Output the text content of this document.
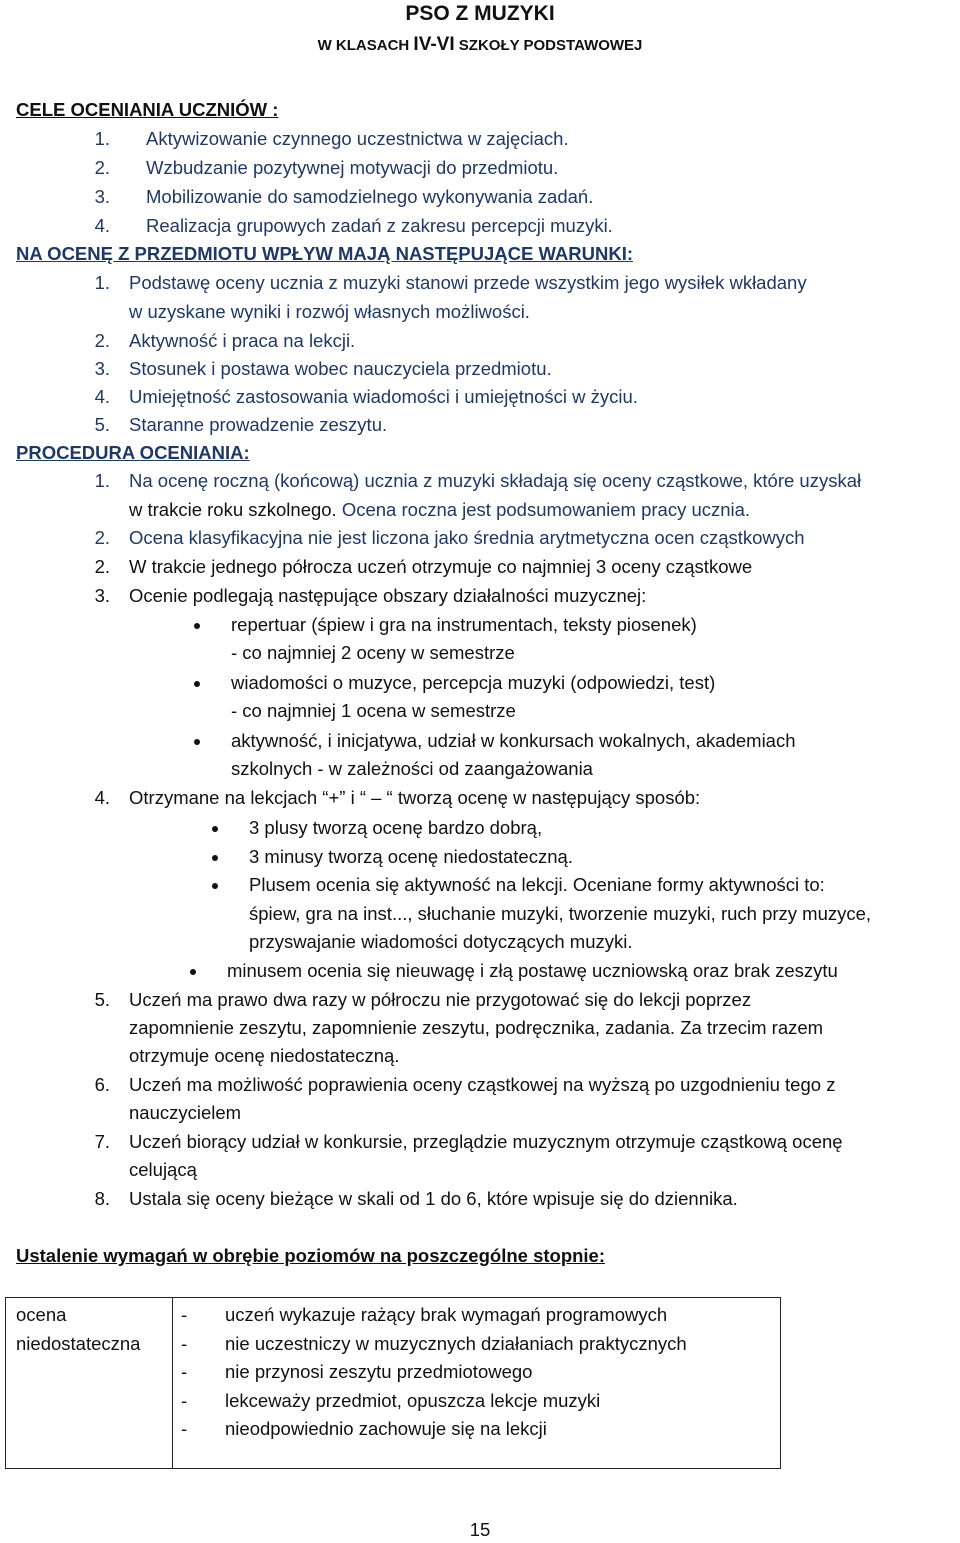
PSO Z MUZYKI
W KLASACH IV-VI SZKOŁY PODSTAWOWEJ
CELE OCENIANIA UCZNIÓW :
1. Aktywizowanie czynnego uczestnictwa w zajęciach.
2. Wzbudzanie pozytywnej motywacji do przedmiotu.
3. Mobilizowanie do samodzielnego wykonywania zadań.
4. Realizacja grupowych zadań z zakresu percepcji muzyki.
NA OCENĘ Z PRZEDMIOTU WPŁYW MAJĄ NASTĘPUJĄCE WARUNKI:
1. Podstawę oceny ucznia z muzyki stanowi przede wszystkim jego wysiłek wkładany
w uzyskane wyniki i rozwój własnych możliwości.
2. Aktywność i praca na lekcji.
3. Stosunek i postawa wobec nauczyciela przedmiotu.
4. Umiejętność zastosowania wiadomości i umiejętności w życiu.
5. Staranne prowadzenie zeszytu.
PROCEDURA OCENIANIA:
1. Na ocenę roczną (końcową) ucznia z muzyki składają się oceny cząstkowe, które uzyskał
w trakcie roku szkolnego. Ocena roczna jest podsumowaniem pracy ucznia.
2. Ocena klasyfikacyjna nie jest liczona jako średnia arytmetyczna ocen cząstkowych
2. W trakcie jednego półrocza uczeń otrzymuje co najmniej 3 oceny cząstkowe
3. Ocenie podlegają następujące obszary działalności muzycznej:
repertuar (śpiew i gra na instrumentach, teksty piosenek)
- co najmniej 2 oceny w semestrze
wiadomości o muzyce, percepcja muzyki (odpowiedzi, test)
- co najmniej 1 ocena w semestrze
aktywność, i inicjatywa, udział w konkursach wokalnych, akademiach
szkolnych - w zależności od zaangażowania
4. Otrzymane na lekcjach “+” i “ – “ tworzą ocenę w następujący sposób:
3 plusy tworzą ocenę bardzo dobrą,
3 minusy tworzą ocenę niedostateczną.
Plusem ocenia się aktywność na lekcji. Oceniane formy aktywności to:
śpiew, gra na inst..., słuchanie muzyki, tworzenie muzyki, ruch przy muzyce,
przyswajanie wiadomości dotyczących muzyki.
minusem ocenia się nieuwagę i złą postawę uczniowską oraz brak zeszytu
5. Uczeń ma prawo dwa razy w półroczu nie przygotować się do lekcji poprzez
zapomnienie zeszytu, zapomnienie zeszytu, podręcznika, zadania. Za trzecim razem
otrzymuje ocenę niedostateczną.
6. Uczeń ma możliwość poprawienia oceny cząstkowej na wyższą po uzgodnieniu tego z
nauczycielem
7. Uczeń biorący udział w konkursie, przeglądzie muzycznym otrzymuje cząstkową ocenę
celującą
8. Ustala się oceny bieżące w skali od 1 do 6, które wpisuje się do dziennika.
Ustalenie wymagań w obrębie poziomów na poszczególne stopnie:
ocena
niedostateczna

- uczeń wykazuje rażący brak wymagań programowych
- nie uczestniczy w muzycznych działaniach praktycznych
- nie przynosi zeszytu przedmiotowego
- lekceważy przedmiot, opuszcza lekcje muzyki
- nieodpowiednio zachowuje się na lekcji
15
